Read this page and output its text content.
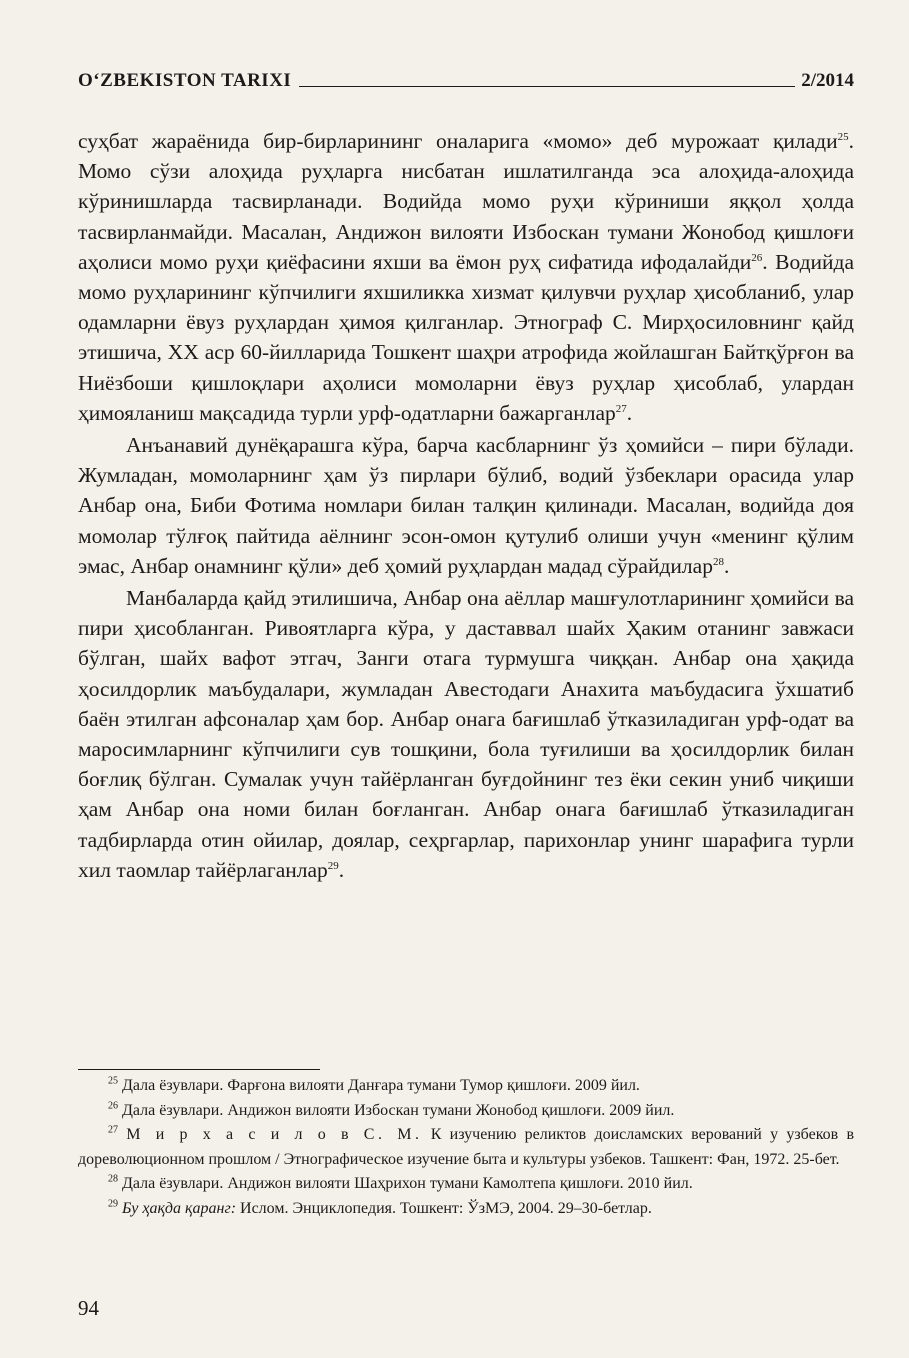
O‘ZBEKISTON TARIXI	2/2014

суҳбат жараёнида бир-бирларининг оналарига «момо» деб мурожаат қилади$^{25}$. Момо сўзи алоҳида руҳларга нисбатан ишлатилганда эса алоҳида-алоҳида кўринишларда тасвирланади. Водийда момо руҳи кўриниши яққол ҳолда тасвирланмайди. Масалан, Андижон вилояти Избоскан тумани Жонобод қишлоғи аҳолиси момо руҳи қиёфасини яхши ва ёмон руҳ сифатида ифодалайди$^{26}$. Водийда момо руҳларининг кўпчилиги яхшиликка хизмат қилувчи руҳлар ҳисобланиб, улар одамларни ёвуз руҳлардан ҳимоя қилганлар. Этнограф С. Мирҳосиловнинг қайд этишича, ХХ аср 60-йилларида Тошкент шаҳри атрофида жойлашган Байтқўрғон ва Ниёзбоши қишлоқлари аҳолиси момоларни ёвуз руҳлар ҳисоблаб, улардан ҳимояланиш мақсадида турли урф-одатларни бажарганлар$^{27}$.

Анъанавий дунёқарашга кўра, барча касбларнинг ўз ҳомийси – пири бўлади. Жумладан, момоларнинг ҳам ўз пирлари бўлиб, водий ўзбеклари орасида улар Анбар она, Биби Фотима номлари билан талқин қилинади. Масалан, водийда доя момолар тўлғоқ пайтида аёлнинг эсон-омон қутулиб олиши учун «менинг қўлим эмас, Анбар онамнинг қўли» деб ҳомий руҳлардан мадад сўрайдилар$^{28}$.

Манбаларда қайд этилишича, Анбар она аёллар машғулотларининг ҳомийси ва пири ҳисобланган. Ривоятларга кўра, у даставвал шайх Ҳаким отанинг завжаси бўлган, шайх вафот этгач, Занги отага турмушга чиққан. Анбар она ҳақида ҳосилдорлик маъбудалари, жумладан Авестодаги Анахита маъбудасига ўхшатиб баён этилган афсоналар ҳам бор. Анбар онага бағишлаб ўтказиладиган урф-одат ва маросимларнинг кўпчилиги сув тошқини, бола туғилиши ва ҳосилдорлик билан боғлиқ бўлган. Сумалак учун тайёрланган буғдойнинг тез ёки секин униб чиқиши ҳам Анбар она номи билан боғланган. Анбар онага бағишлаб ўтказиладиган тадбирларда отин ойилар, доялар, сеҳргарлар, парихонлар унинг шарафига турли хил таомлар тайёрлаганлар$^{29}$.

$^{25}$ Дала ёзувлари. Фарғона вилояти Данғара тумани Тумор қишлоғи. 2009 йил.

$^{26}$ Дала ёзувлари. Андижон вилояти Избоскан тумани Жонобод қишлоғи. 2009 йил.

$^{27}$ М и р х а с и л о в С. М. К изучению реликтов доисламских верований у узбеков в дореволюционном прошлом / Этнографическое изучение быта и культуры узбеков. Ташкент: Фан, 1972. 25-бет.

$^{28}$ Дала ёзувлари. Андижон вилояти Шаҳрихон тумани Камолтепа қишлоғи. 2010 йил.

$^{29}$ Бу ҳақда қаранг: Ислом. Энциклопедия. Тошкент: ЎзМЭ, 2004. 29–30-бетлар.

94
